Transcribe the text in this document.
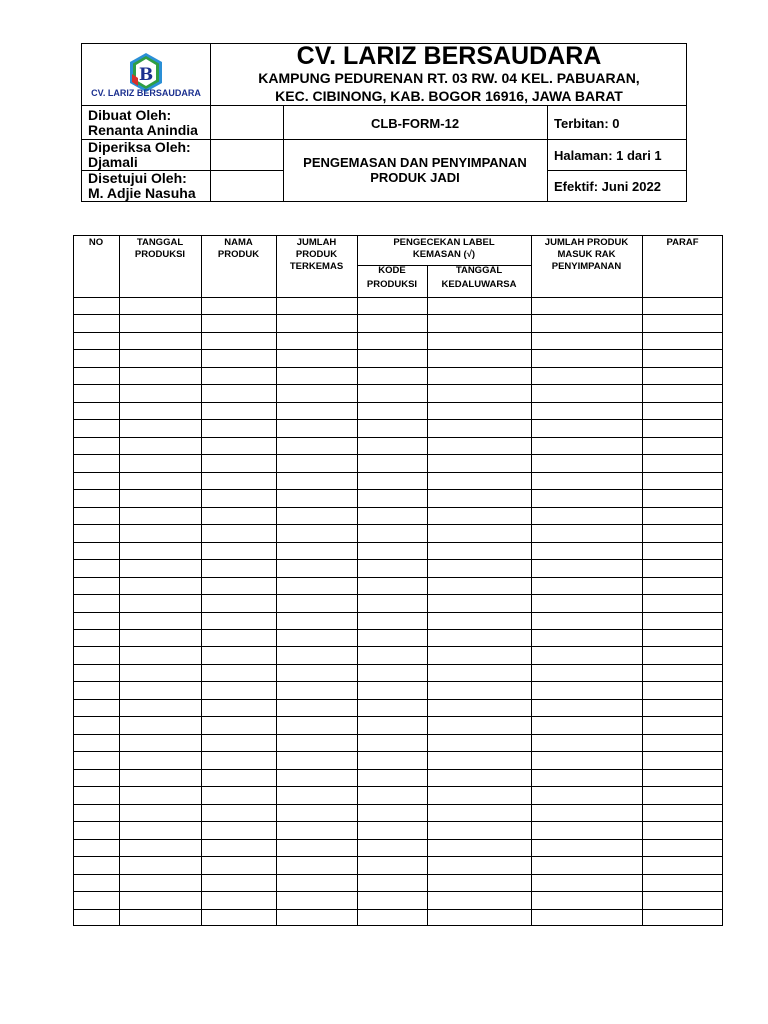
B
CV. LARIZ BERSAUDARA
CV. LARIZ BERSAUDARA
KAMPUNG PEDURENAN RT. 03 RW. 04 KEL. PABUARAN,
KEC. CIBINONG, KAB. BOGOR 16916, JAWA BARAT
Dibuat Oleh:
Renanta Anindia
Diperiksa Oleh:
Djamali
Disetujui Oleh:
M. Adjie Nasuha
CLB-FORM-12
PENGEMASAN DAN PENYIMPANAN
PRODUK JADI
Terbitan: 0
Halaman: 1 dari 1
Efektif: Juni 2022
NO	TANGGAL
PRODUKSI
NAMA
PRODUK
JUMLAH
PRODUK
TERKEMAS
PENGECEKAN LABEL
KEMASAN (√)
KODE
PRODUKSI
TANGGAL
KEDALUWARSA
JUMLAH PRODUK
MASUK RAK
PENYIMPANAN
PARAF
